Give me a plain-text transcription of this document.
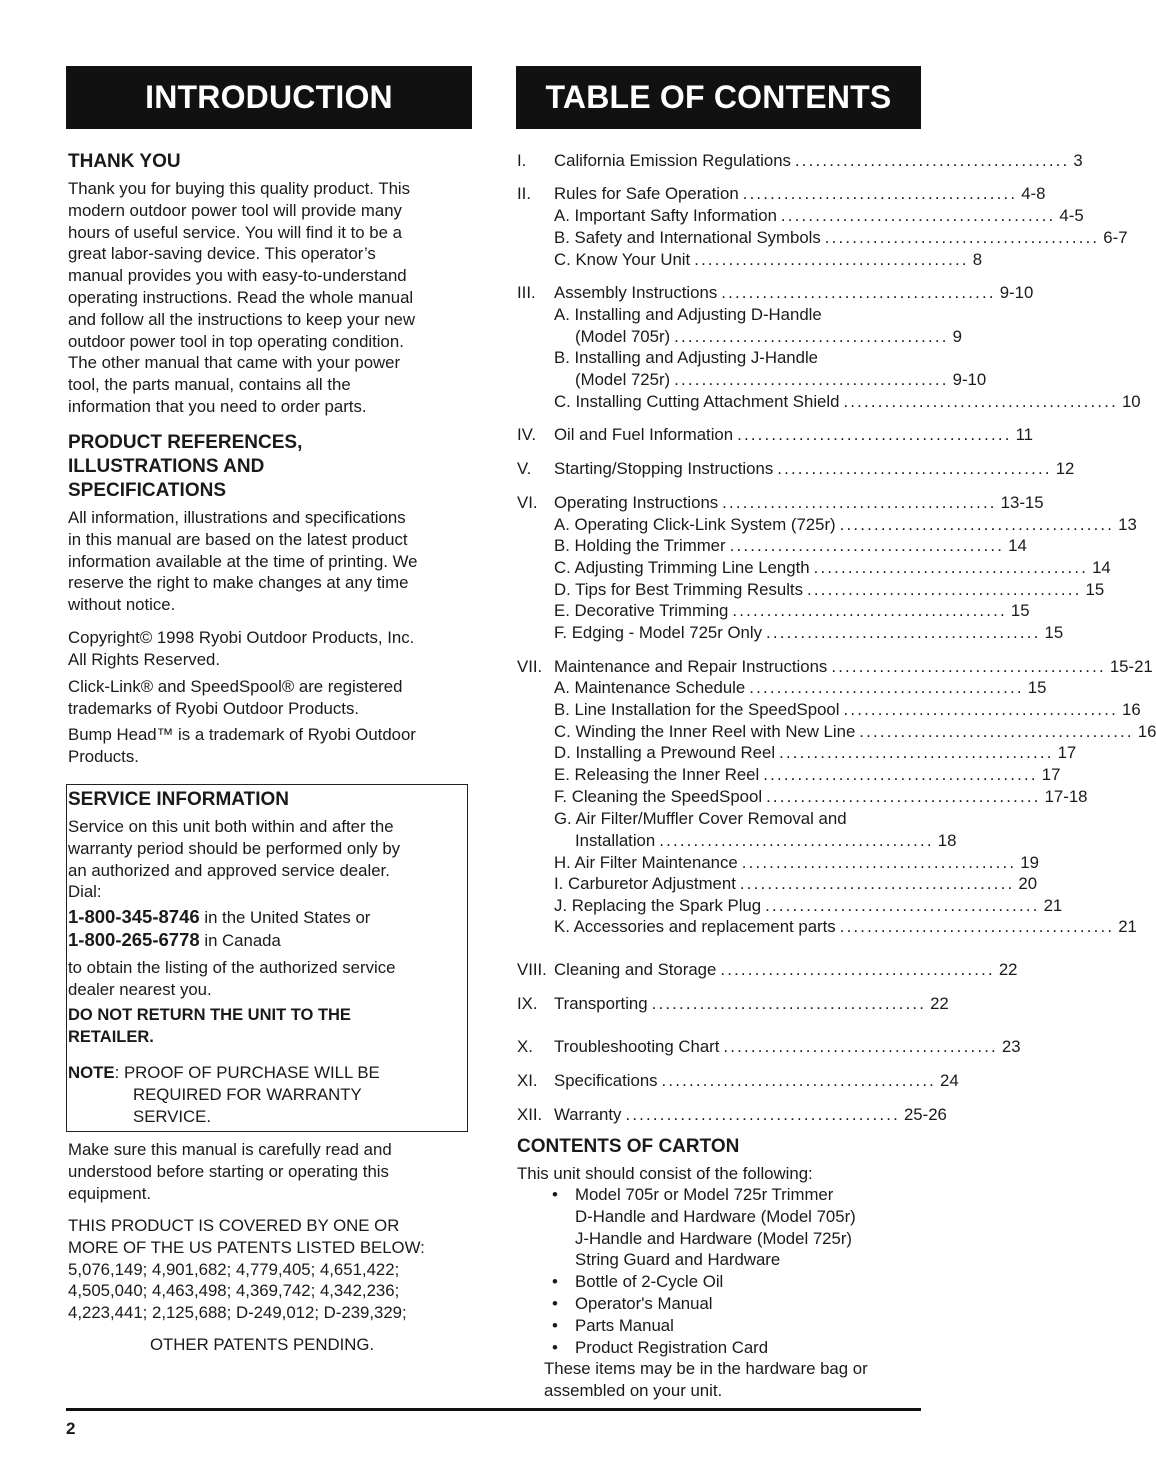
INTRODUCTION	TABLE OF CONTENTS
THANK YOU

Thank you for buying this quality product. This

modern outdoor power tool will provide many

hours of useful service. You will find it to be a

great labor-saving device. This operator’s

manual provides you with easy-to-understand

operating instructions. Read the whole manual

and follow all the instructions to keep your new

outdoor power tool in top operating condition.

The other manual that came with your power

tool, the parts manual, contains all the

information that you need to order parts.

PRODUCT REFERENCES,
ILLUSTRATIONS AND
SPECIFICATIONS

All information, illustrations and specifications

in this manual are based on the latest product

information available at the time of printing. We

reserve the right to make changes at any time

without notice.

Copyright© 1998 Ryobi Outdoor Products, Inc.

All Rights Reserved.

Click-Link® and SpeedSpool® are registered

trademarks of Ryobi Outdoor Products.

Bump Head™ is a trademark of Ryobi Outdoor

Products.

SERVICE INFORMATION

Service on this unit both within and after the

warranty period should be performed only by

an authorized and approved service dealer.

Dial:

1-800-345-8746 in the United States or

1-800-265-6778 in Canada

to obtain the listing of the authorized service

dealer nearest you.

DO NOT RETURN THE UNIT TO THE
RETAILER.

NOTE: PROOF OF PURCHASE WILL BE

REQUIRED FOR WARRANTY

SERVICE.

Make sure this manual is carefully read and

understood before starting or operating this

equipment.

THIS PRODUCT IS COVERED BY ONE OR

MORE OF THE US PATENTS LISTED BELOW:

5,076,149; 4,901,682; 4,779,405; 4,651,422;

4,505,040; 4,463,498; 4,369,742; 4,342,236;

4,223,441; 2,125,688; D-249,012; D-239,329;

OTHER PATENTS PENDING.

I. California Emission Regulations ........................................ 3
II. Rules for Safe Operation ........................................ 4-8
A. Important Safty Information ........................................ 4-5
B. Safety and International Symbols ........................................ 6-7
C. Know Your Unit ........................................ 8
III. Assembly Instructions ........................................ 9-10
A. Installing and Adjusting D-Handle
(Model 705r) ........................................ 9
B. Installing and Adjusting J-Handle
(Model 725r) ........................................ 9-10
C. Installing Cutting Attachment Shield ........................................ 10
IV. Oil and Fuel Information ........................................ 11
V. Starting/Stopping Instructions ........................................ 12
VI. Operating Instructions ........................................ 13-15
A. Operating Click-Link System (725r) ........................................ 13
B. Holding the Trimmer ........................................ 14
C. Adjusting Trimming Line Length ........................................ 14
D. Tips for Best Trimming Results ........................................ 15
E. Decorative Trimming ........................................ 15
F. Edging - Model 725r Only ........................................ 15
VII. Maintenance and Repair Instructions ........................................ 15-21
A. Maintenance Schedule ........................................ 15
B. Line Installation for the SpeedSpool ........................................ 16
C. Winding the Inner Reel with New Line ........................................ 16
D. Installing a Prewound Reel ........................................ 17
E. Releasing the Inner Reel ........................................ 17
F. Cleaning the SpeedSpool ........................................ 17-18
G. Air Filter/Muffler Cover Removal and
Installation ........................................ 18
H. Air Filter Maintenance ........................................ 19
I. Carburetor Adjustment ........................................ 20
J. Replacing the Spark Plug ........................................ 21
K. Accessories and replacement parts ........................................ 21
VIII. Cleaning and Storage ........................................ 22
IX. Transporting ........................................ 22
X. Troubleshooting Chart ........................................ 23
XI. Specifications ........................................ 24
XII. Warranty ........................................ 25-26
CONTENTS OF CARTON

This unit should consist of the following:

• Model 705r or Model 725r Trimmer
D-Handle and Hardware (Model 705r)
J-Handle and Hardware (Model 725r)
String Guard and Hardware
• Bottle of 2-Cycle Oil
• Operator's Manual
• Parts Manual
• Product Registration Card

These items may be in the hardware bag or

assembled on your unit.

2
